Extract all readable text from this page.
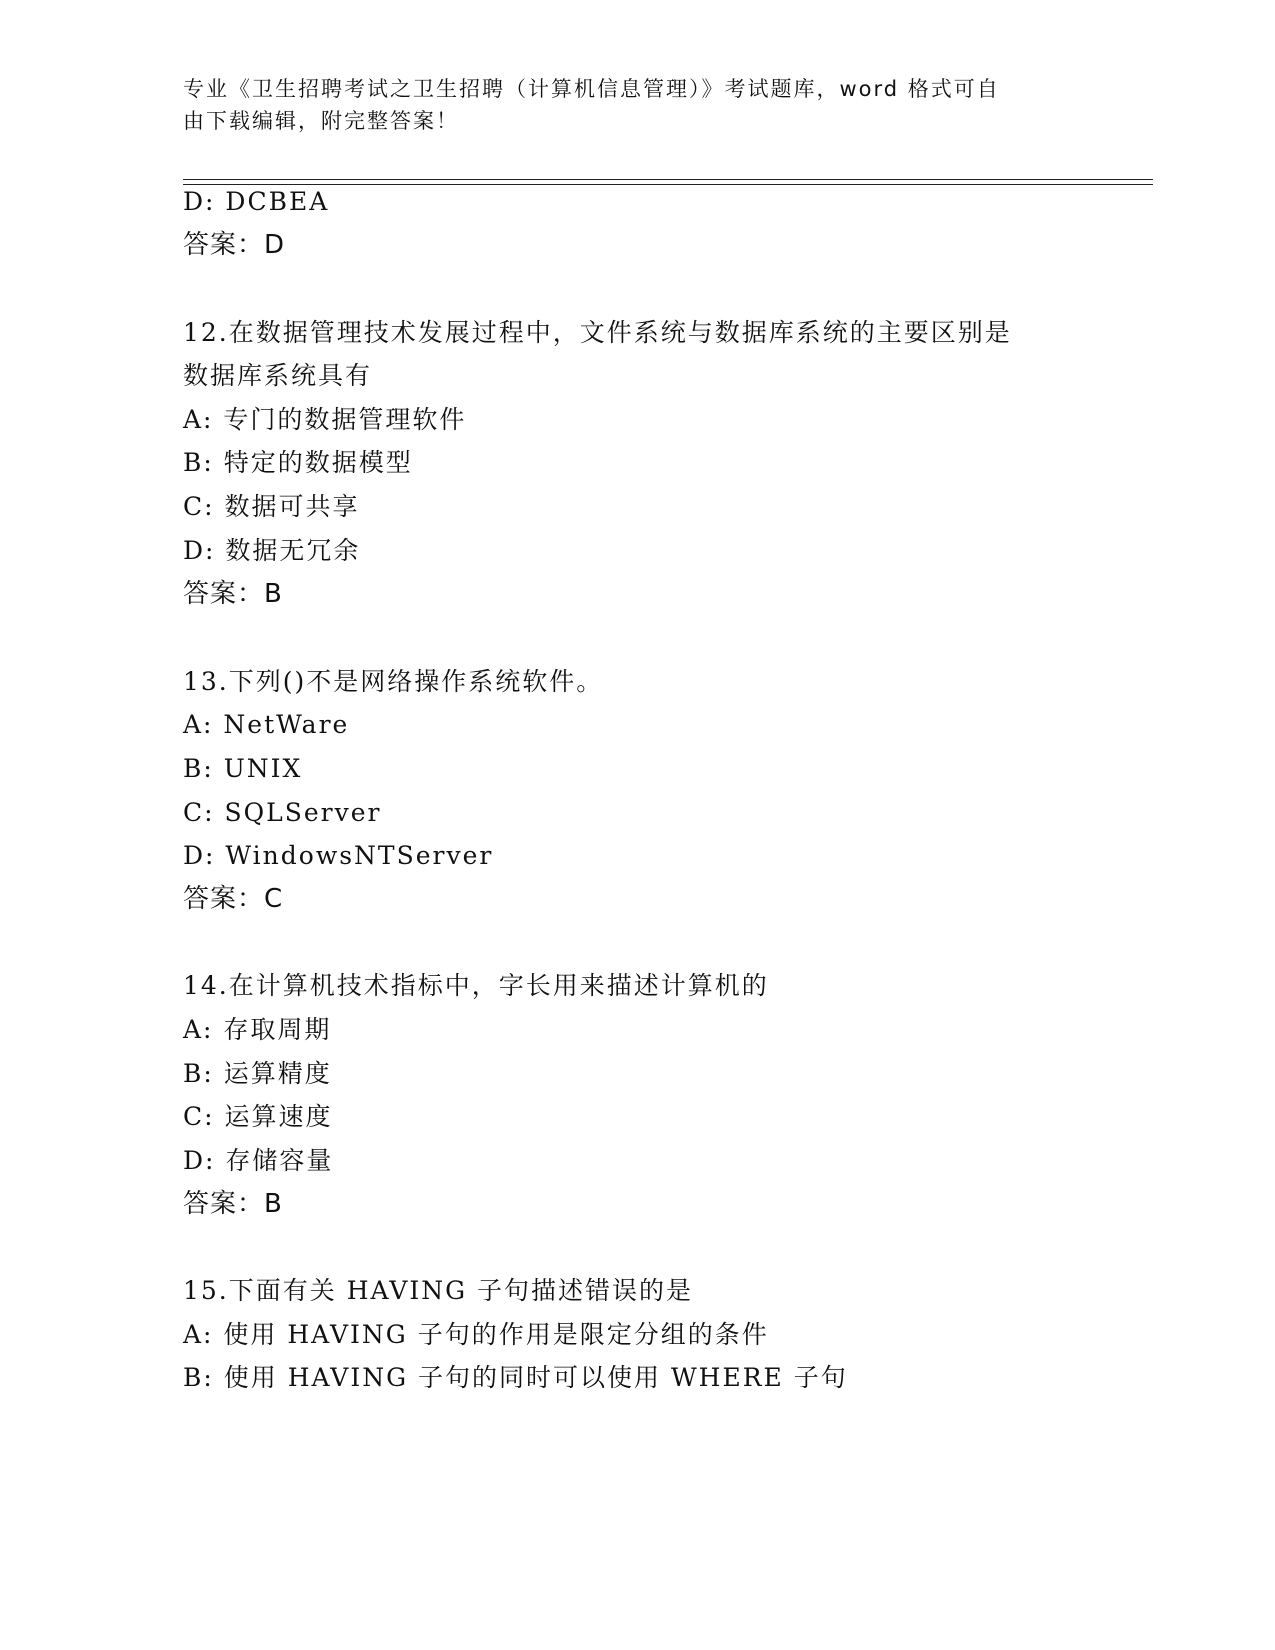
专业《卫生招聘考试之卫生招聘（计算机信息管理）》考试题库，word 格式可自
由下载编辑，附完整答案！
D: DCBEA
答案：D
12.在数据管理技术发展过程中，文件系统与数据库系统的主要区别是
数据库系统具有
A: 专门的数据管理软件
B: 特定的数据模型
C: 数据可共享
D: 数据无冗余
答案：B
13.下列()不是网络操作系统软件。
A: NetWare
B: UNIX
C: SQLServer
D: WindowsNTServer
答案：C
14.在计算机技术指标中，字长用来描述计算机的
A: 存取周期
B: 运算精度
C: 运算速度
D: 存储容量
答案：B
15.下面有关 HAVING 子句描述错误的是
A: 使用 HAVING 子句的作用是限定分组的条件
B: 使用 HAVING 子句的同时可以使用 WHERE 子句
